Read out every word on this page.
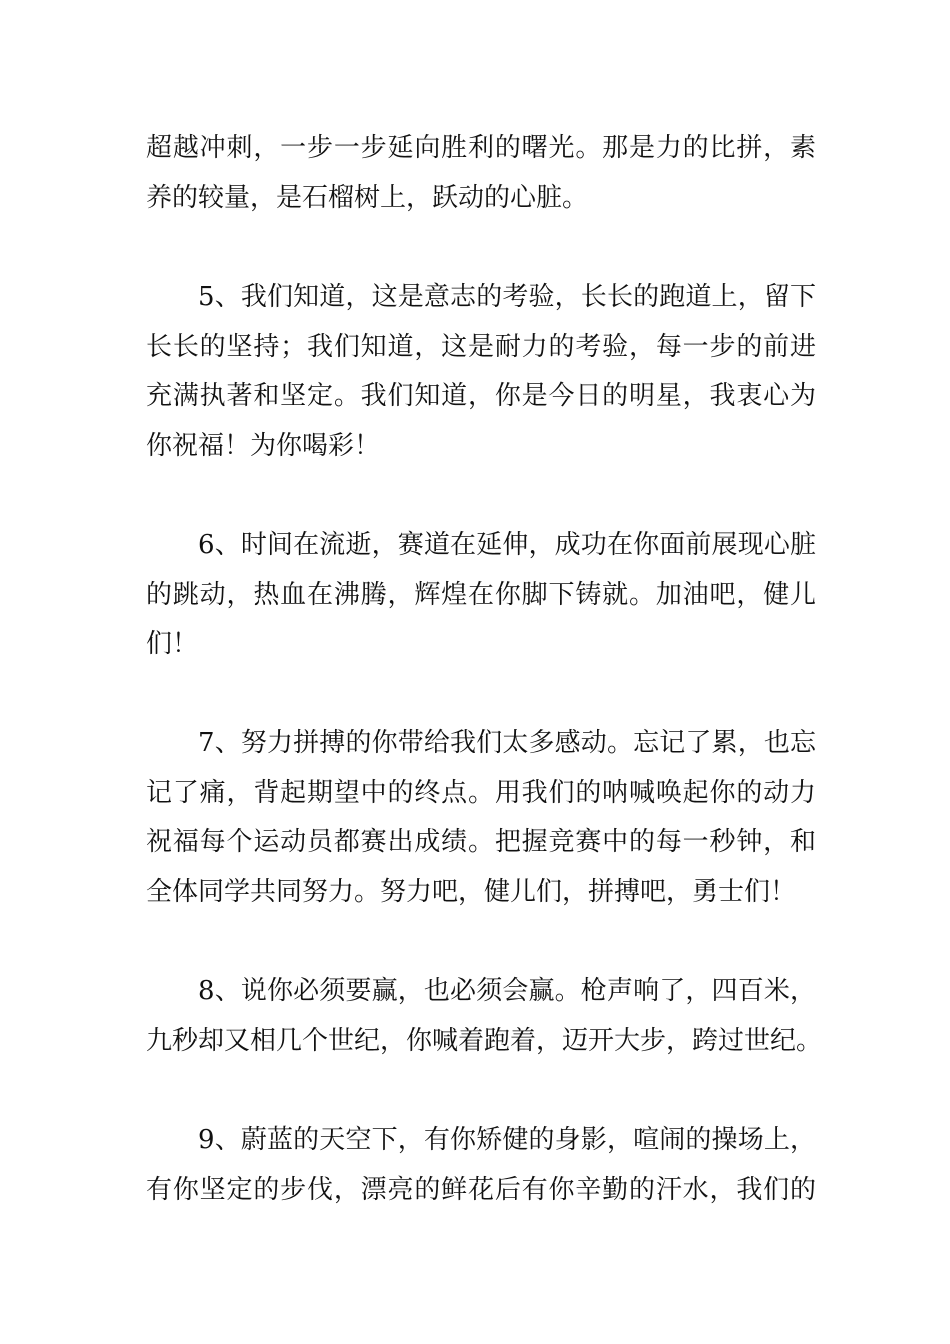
超越冲刺，一步一步延向胜利的曙光。那是力的比拼，素
养的较量，是石榴树上，跃动的心脏。

5、我们知道，这是意志的考验，长长的跑道上，留下
长长的坚持；我们知道，这是耐力的考验，每一步的前进
充满执著和坚定。我们知道，你是今日的明星，我衷心为
你祝福！为你喝彩！

6、时间在流逝，赛道在延伸，成功在你面前展现心脏
的跳动，热血在沸腾，辉煌在你脚下铸就。加油吧，健儿
们！

7、努力拼搏的你带给我们太多感动。忘记了累，也忘
记了痛，背起期望中的终点。用我们的呐喊唤起你的动力
祝福每个运动员都赛出成绩。把握竞赛中的每一秒钟，和
全体同学共同努力。努力吧，健儿们，拼搏吧，勇士们！

8、说你必须要赢，也必须会赢。枪声响了，四百米，
九秒却又相几个世纪，你喊着跑着，迈开大步，跨过世纪。

9、蔚蓝的天空下，有你矫健的身影，喧闹的操场上，
有你坚定的步伐，漂亮的鲜花后有你辛勤的汗水，我们的
